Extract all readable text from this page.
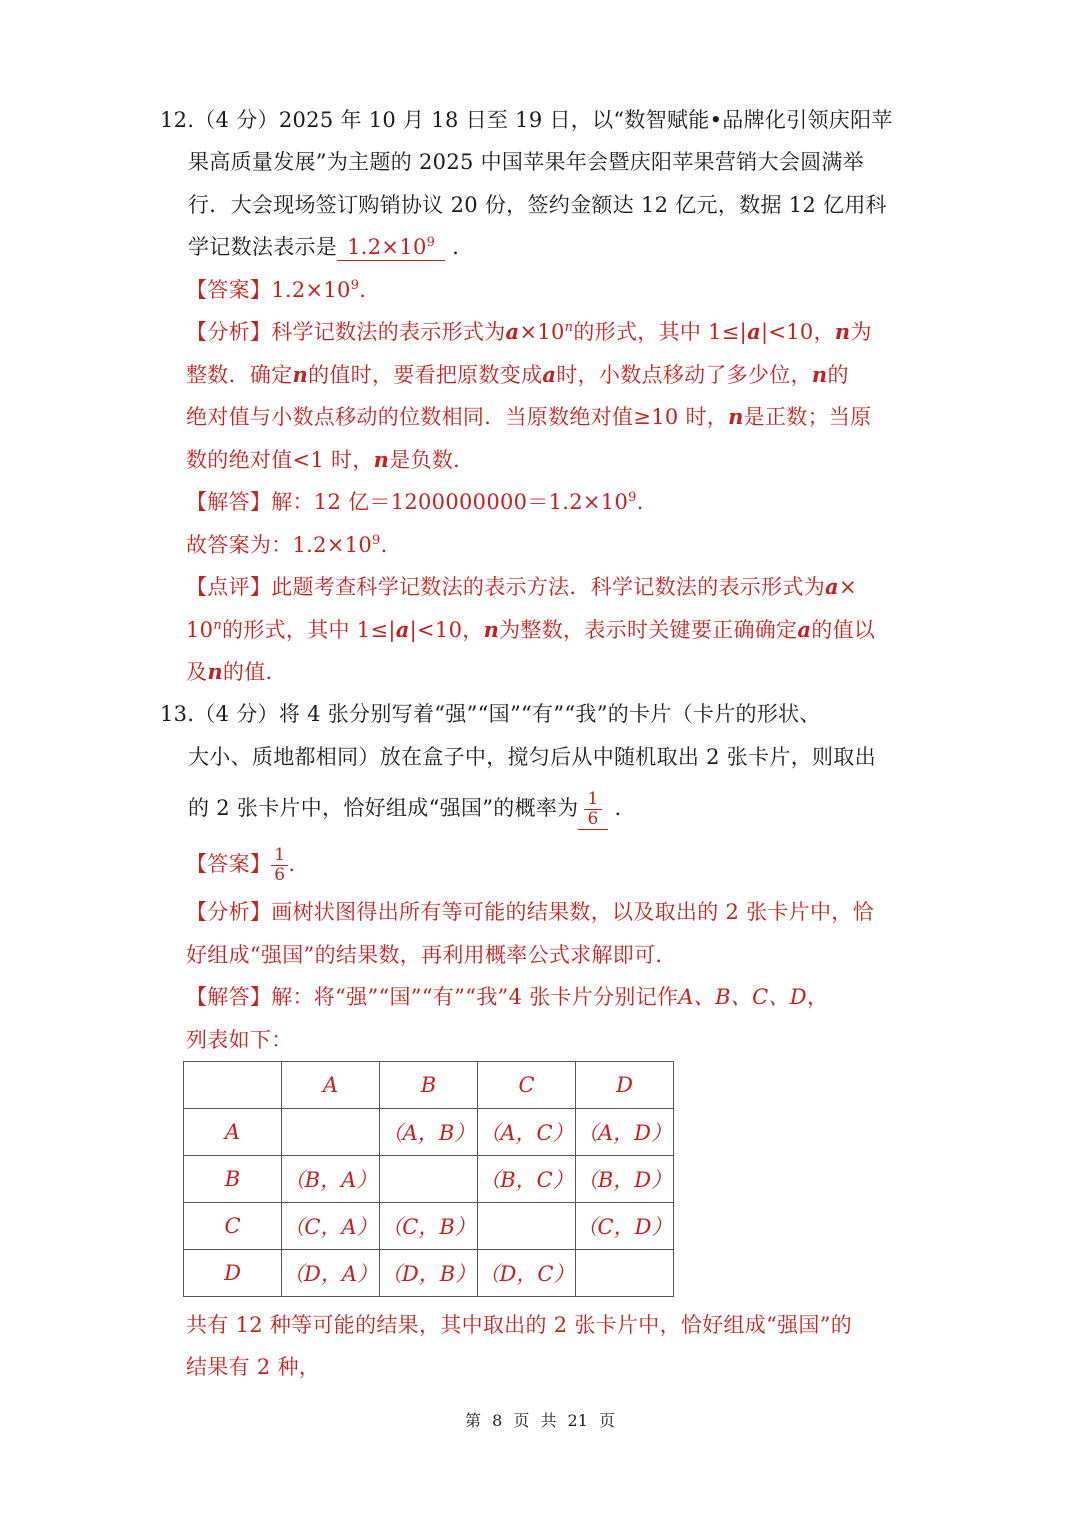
12.（4 分）2025 年 10 月 18 日至 19 日，以“数智赋能•品牌化引领庆阳苹
果高质量发展”为主题的 2025 中国苹果年会暨庆阳苹果营销大会圆满举
行．大会现场签订购销协议 20 份，签约金额达 12 亿元，数据 12 亿用科
学记数法表示是 $1.2\times 10^9$ ．
【答案】$1.2\times 10^9$.
【分析】科学记数法的表示形式为$a\times 10^n$的形式，其中 1≤|a|<10，n为
整数．确定n的值时，要看把原数变成a时，小数点移动了多少位，n的
绝对值与小数点移动的位数相同．当原数绝对值≥10 时，n是正数；当原
数的绝对值<1 时，n是负数．
【解答】解：12 亿$=1200000000=1.2\times 10^9$.
故答案为：$1.2\times 10^9$.
【点评】此题考查科学记数法的表示方法．科学记数法的表示形式为a×
$10^n$的形式，其中 1≤|a|<10，n为整数，表示时关键要正确确定a的值以
及n的值．
13.（4 分）将 4 张分别写着“强”“国”“有”“我”的卡片（卡片的形状、
大小、质地都相同）放在盒子中，搅匀后从中随机取出 2 张卡片，则取出
的 2 张卡片中，恰好组成“强国”的概率为 $\frac{1}{6}$ ．
【答案】 $\frac{1}{6}$ .
【分析】画树状图得出所有等可能的结果数，以及取出的 2 张卡片中，恰
好组成“强国”的结果数，再利用概率公式求解即可．
【解答】解：将“强”“国”“有”“我”4 张卡片分别记作A、B、C、D，
列表如下：
	A	B	C	D
A		（A，B）	（A，C）	（A，D）
B	（B，A）		（B，C）	（B，D）
C	（C，A）	（C，B）		（C，D）
D	（D，A）	（D，B）	（D，C）	
共有 12 种等可能的结果，其中取出的 2 张卡片中，恰好组成“强国”的
结果有 2 种，
第 8 页 共 21 页
